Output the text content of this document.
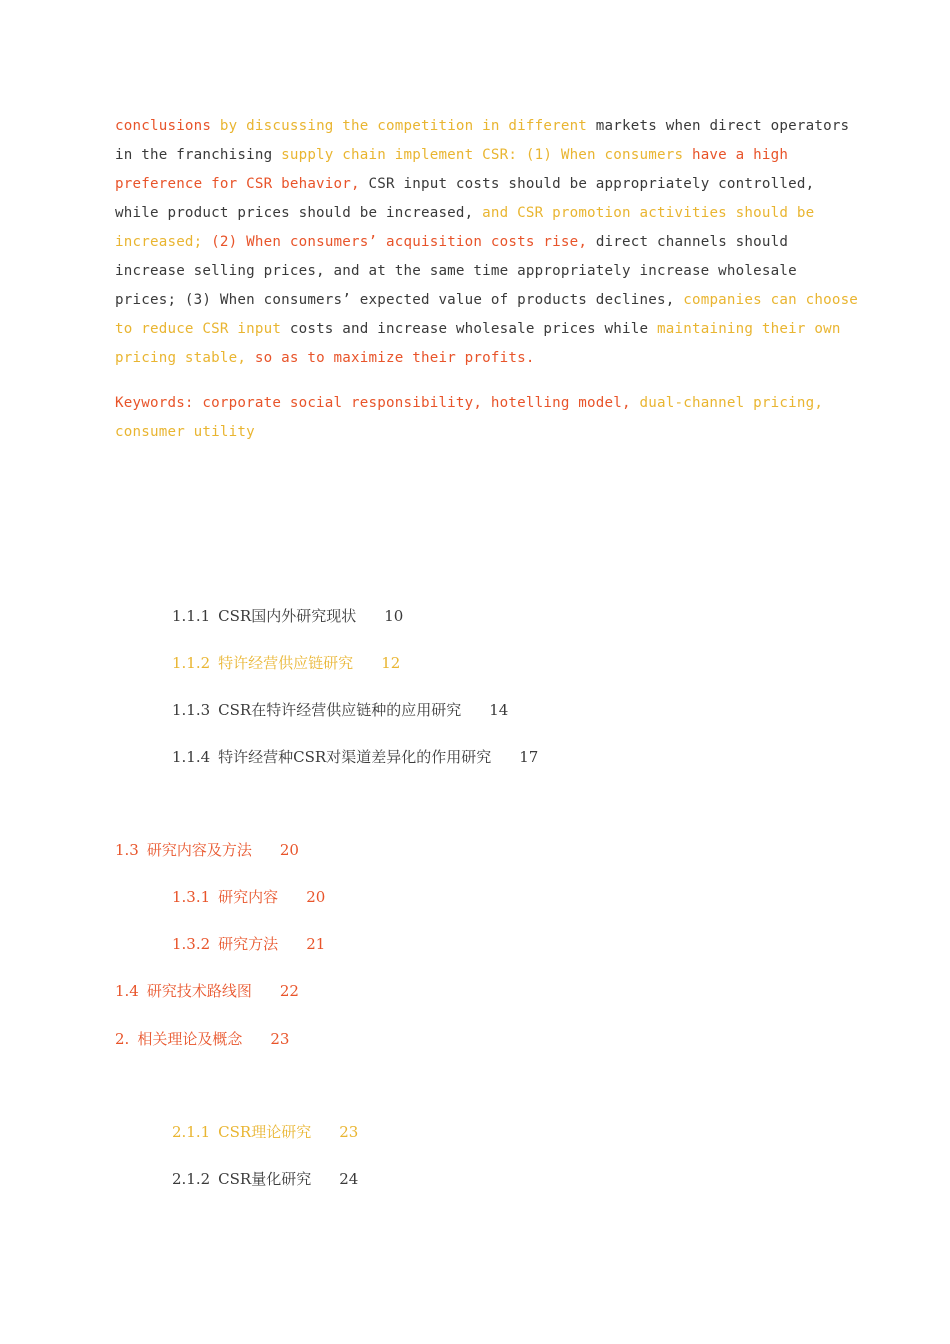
conclusions by discussing the competition in different markets when direct operators
in the franchising supply chain implement CSR: (1) When consumers have a high
preference for CSR behavior, CSR input costs should be appropriately controlled,
while product prices should be increased, and CSR promotion activities should be
increased; (2) When consumers’ acquisition costs rise, direct channels should
increase selling prices, and at the same time appropriately increase wholesale
prices; (3) When consumers’ expected value of products declines, companies can choose
to reduce CSR input costs and increase wholesale prices while maintaining their own
pricing stable, so as to maximize their profits.
Keywords: corporate social responsibility, hotelling model, dual-channel pricing,
consumer utility
1.1.1 CSR国内外研究现状 10
1.1.2 特许经营供应链研究 12
1.1.3 CSR在特许经营供应链种的应用研究 14
1.1.4 特许经营种CSR对渠道差异化的作用研究 17
1.3 研究内容及方法 20
1.3.1 研究内容 20
1.3.2 研究方法 21
1.4 研究技术路线图 22
2. 相关理论及概念 23
2.1.1 CSR理论研究 23
2.1.2 CSR量化研究 24
